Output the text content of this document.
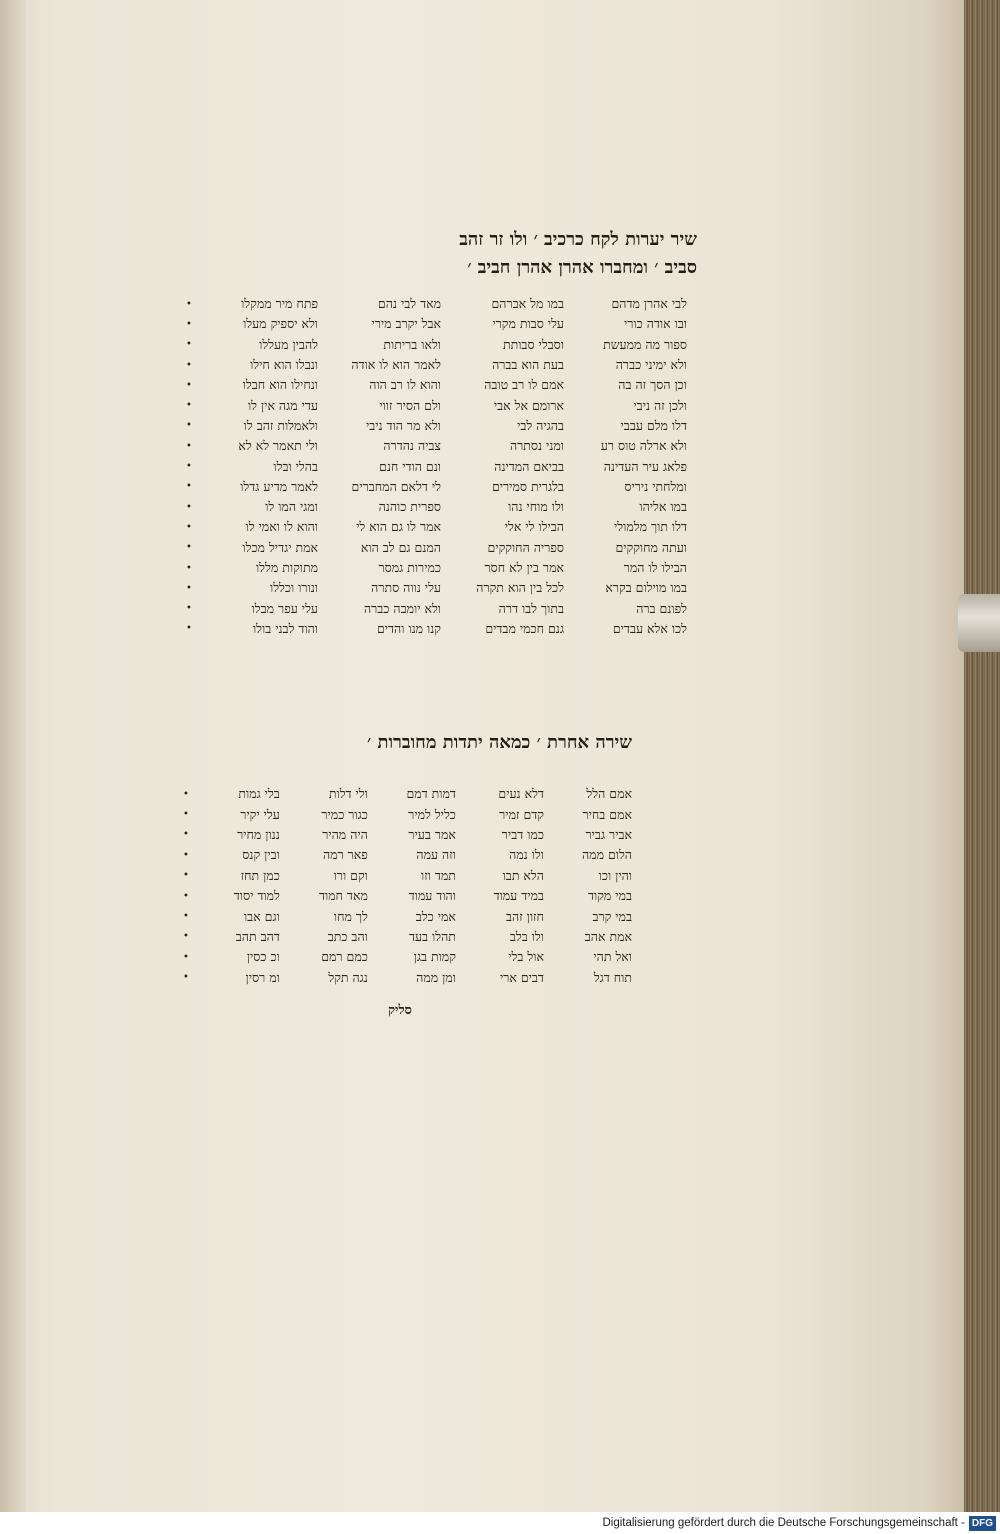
שיר יערות לקח כרכיב ׳ ולו זר זהב
סביב ׳ ומחברו אהרן אהרן חביב ׳
לבי אהרן מדהם
במו מל אברהם
מאד לבי נהם
פתח מיר ממקלו
•
ובו אודה כורי
עלי סבות מקרי
אבל יקרב מירי
ולא יספיק מעלו
•
ספור מה ממעשת
וסבלי סבותת
ולאו בריתות
להבין מעללו
•
ולא ימיני כברה
בעת הוא בברה
לאמר הוא לו אודה
ונבלו הוא חילו
•
וכן הסך זה בה
אמם לו רב טובה
והוא לו רב הוה
ונחילו הוא חבלו
•
ולכן זה ניבי
ארומם אל אבי
ולם הסיר זווי
עדי מגה אין לו
•
דלו מלם עבבי
בהגיה לבי
ולא מר הוד ניבי
ולאמלות זהב לו
•
ולא ארלה טוס רע
ומני נסתרה
צביה נהדרה
ולי תאמר לא לא
•
פלאג עיר העדינה
בביאם המדינה
ונם הודי חנם
בהלי ובלו
•
ומלחתי ניריס
בלגרית סמירים
לי דלאם המחברים
לאמר מדיע גדלו
•
במו אליהו
ולו מוחי נהו
ספרית כוהנה
ומגי המו לו
•
דלו תוך מלמולי
הבילו לי אלי
אמר לו גם הוא לי
והוא לו ואמי לו
•
ועתה מחוקקים
ספריה החוקקים
המנם גם לב הוא
אמת יגדיל מכלו
•
הבילו לו המר
אמר בין לא חסר
כמירות גמסר
מתוקות מללו
•
במו מוילום בקרא
לכל בין הוא תקרה
עלי נווה סתרה
ונורו וכללו
•
לפונם ברה
בתוך לבו דרה
ולא יומבה כברה
עלי עפר מבלו
•
לכו אלא עבדים
גנם חכמי מבדים
קנו מנו והדים
והוד לבני בולו
•
שירה אחרת ׳ כמאה יתדות מחוברות ׳
אמם הלל
דלא נעים
דמות דמם
ולי דלות
בלי גמות
•
אמם בחיר
קדם זמיר
כליל למיר
כגור כמיר
עלי יקיר
•
אביר גביר
כמו דביר
אמר בעיר
היה מהיר
ננון מחיר
•
הלום ממה
ולו נמה
וזה עמה
פאר רמה
ובין קנס
•
והין וכו
הלא תבו
תמד וזו
וקם ורו
כמן תחז
•
במי מקוד
במיד עמוד
והוד עמוד
מאד חמוד
למוד יסוד
•
במי קרב
חזון זהב
אמי כלב
לך מחו
וגם אבו
•
אמת אהב
ולו בלב
תהלו בעד
והב כתב
דהב תהב
•
ואל תהי
אול בלי
קמות בגן
כמם רמם
וכ כסין
•
תוח דגל
דבים ארי
ומן ממה
נגה תקל
ומ רסין
•
סליק
Digitalisierung gefördert durch die Deutsche Forschungsgemeinschaft - DFG
